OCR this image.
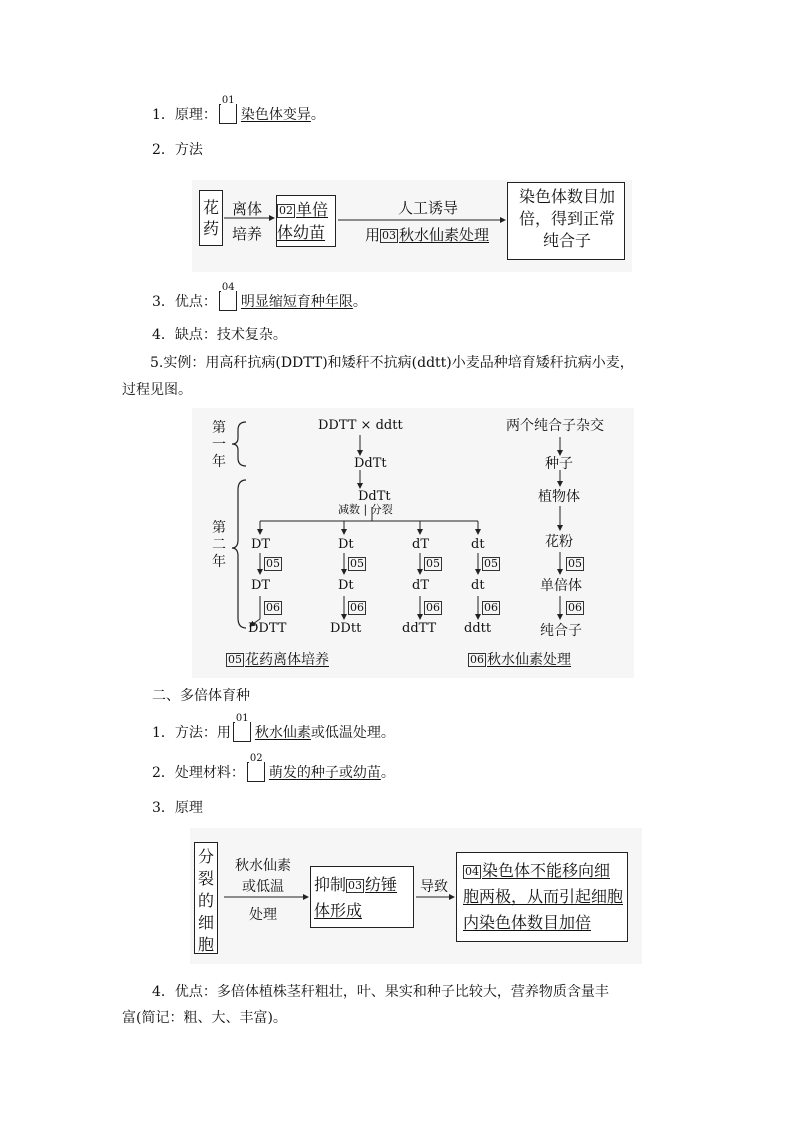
1．原理：
01
染色体变异。
2．方法
花药
离体
培养
02 单倍体幼苗
人工诱导
用 03 秋水仙素处理
染色体数目加倍，得到正常纯合子
3．优点：
04
明显缩短育种年限。
4．缺点：技术复杂。
5.实例：用高秆抗病(DDTT)和矮秆不抗病(ddtt)小麦品种培育矮秆抗病小麦，
过程见图。
第一年
第二年
DDTT × ddtt
DdTt
DdTt
减数 | 分裂
DT	Dt	dT	dt
05	05	05	05
DT	Dt	dT	dt
06	06	06	06
DDTT	DDtt	ddTT ddtt
两个纯合子杂交
种子
植物体
花粉
05
单倍体
06
纯合子
05 花药离体培养	06 秋水仙素处理
二、多倍体育种
1．方法：用
01
秋水仙素或低温处理。
2．处理材料：
02
萌发的种子或幼苗。
3．原理
分裂的细胞
秋水仙素或低温
处理
抑制 03 纺锤体形成
导致
04 染色体不能移向细胞两极，从而引起细胞内染色体数目加倍
4．优点：多倍体植株茎秆粗壮，叶、果实和种子比较大，营养物质含量丰
富(简记：粗、大、丰富)。
